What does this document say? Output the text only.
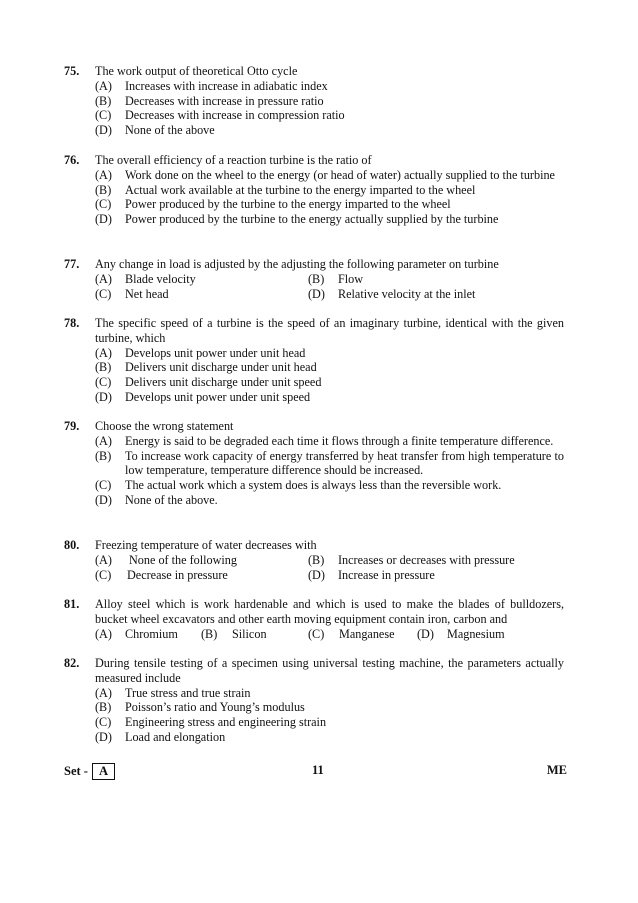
75.	The work output of theoretical Otto cycle
(A)	Increases with increase in adiabatic index
(B)	Decreases with increase in pressure ratio
(C)	Decreases with increase in compression ratio
(D)	None of the above
76.	The overall efficiency of a reaction turbine is the ratio of
(A)	Work done on the wheel to the energy (or head of water) actually supplied to the turbine
(B)	Actual work available at the turbine to the energy imparted to the wheel
(C)	Power produced by the turbine to the energy imparted to the wheel
(D)	Power produced by the turbine to the energy actually supplied by the turbine
77.	Any change in load is adjusted by the adjusting the following parameter on turbine
(A)	Blade velocity	(B)	Flow
(C)	Net head	(D)	Relative velocity at the inlet
78.	The specific speed of a turbine is the speed of an imaginary turbine, identical with the given turbine, which
(A)	Develops unit power under unit head
(B)	Delivers unit discharge under unit head
(C)	Delivers unit discharge under unit speed
(D)	Develops unit power under unit speed
79.	Choose the wrong statement
(A)	Energy is said to be degraded each time it flows through a finite temperature difference.
(B)	To increase work capacity of energy transferred by heat transfer from high temperature to low temperature, temperature difference should be increased.
(C)	The actual work which a system does is always less than the reversible work.
(D)	None of the above.
80.	Freezing temperature of water decreases with
(A)	None of the following	(B)	Increases or decreases with pressure
(C)	Decrease in pressure	(D)	Increase in pressure
81.	Alloy steel which is work hardenable and which is used to make the blades of bulldozers, bucket wheel excavators and other earth moving equipment contain iron, carbon and
(A)	Chromium	(B)	Silicon	(C)	Manganese	(D)	Magnesium
82.	During tensile testing of a specimen using universal testing machine, the parameters actually measured include
(A)	True stress and true strain
(B)	Poisson’s ratio and Young’s modulus
(C)	Engineering stress and engineering strain
(D)	Load and elongation
Set - A	11	ME
